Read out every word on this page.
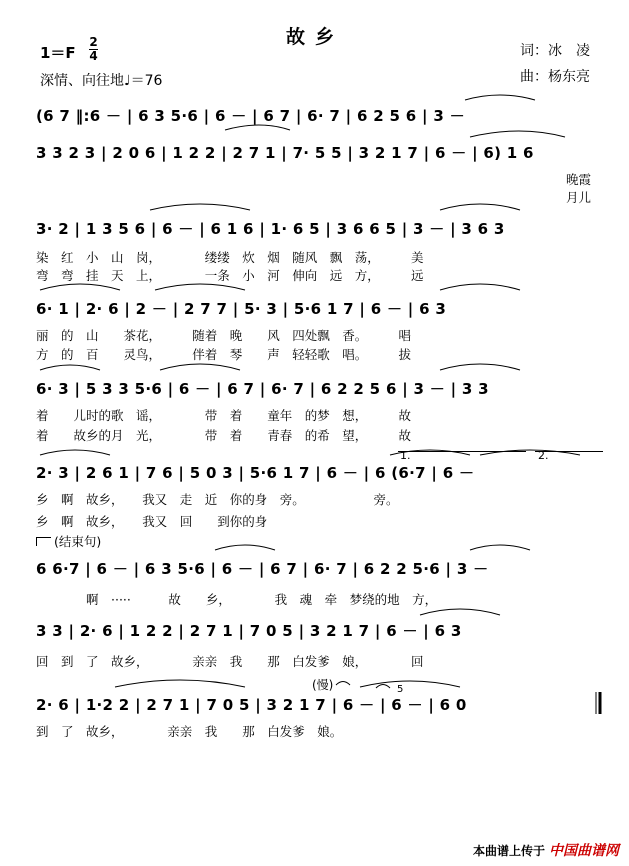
故乡
词：冰　凌
曲：杨东亮
1＝F
2
4
深情、向往地♩＝76
(6 7 ‖:6 － | 6 3 5·6 | 6 － | 6 7 | 6· 7 | 6 2 5 6 | 3 －
3 3 2 3 | 2 0 6 | 1 2 2 | 2 7 1 | 7· 5 5 | 3 2 1 7 | 6 － | 6) 1 6
晚霞
月儿
3· 2 | 1 3 5 6 | 6 － | 6 1 6 | 1· 6 5 | 3 6 6 5 | 3 － | 3 6 3
染　红　小　山　岗，　　　　缕缕　炊　烟　随风　飘　荡，　　　美
弯　弯　挂　天　上，　　　　一条　小　河　伸向　远　方，　　　远
6· 1 | 2· 6 | 2 － | 2 7 7 | 5· 3 | 5·6 1 7 | 6 － | 6 3
丽　的　山　　茶花，　　　随着　晚　　风　四处飘　香。　　　唱
方　的　百　　灵鸟，　　　伴着　琴　　声　轻轻歌　唱。　　　拔
6· 3 | 5 3 3 5·6 | 6 － | 6 7 | 6· 7 | 6 2 2 5 6 | 3 － | 3 3
着　　儿时的歌　谣，　　　　带　着　　童年　的梦　想，　　　故
着　　故乡的月　光，　　　　带　着　　青春　的希　望，　　　故
1.	2.
2· 3 | 2 6 1 | 7 6 | 5 0 3 | 5·6 1 7 | 6 － | 6 (6·7 | 6 －
乡　啊　故乡，　　我又　走　近　你的身　旁。　　　　　　旁。
乡　啊　故乡，　　我又　回　　到你的身
(结束句)
6 6·7 | 6 － | 6 3 5·6 | 6 － | 6 7 | 6· 7 | 6 2 2 5·6 | 3 －
　　　　啊　·····　　　故　　乡，　　　　我　魂　牵　梦绕的地　方，
3 3 | 2· 6 | 1 2 2 | 2 7 1 | 7 0 5 | 3 2 1 7 | 6 － | 6 3
回　到　了　故乡，　　　　亲亲　我　　那　白发爹　娘，　　　　回
(慢)	5
2· 6 | 1·2 2 | 2 7 1 | 7 0 5 | 3 2 1 7 | 6 － | 6 － | 6 0
到　了　故乡，　　　　亲亲　我　　那　白发爹　娘。
本曲谱上传于 中国曲谱网
